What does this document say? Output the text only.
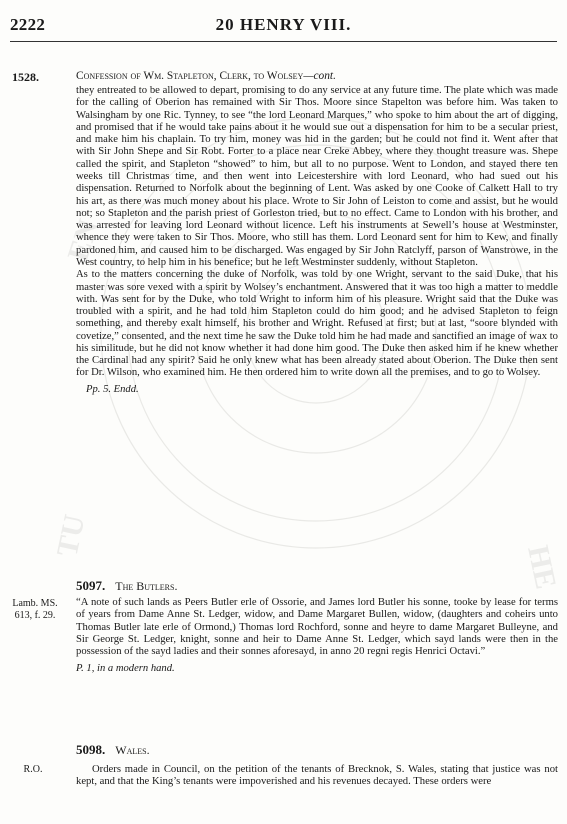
EN
TU
HE
2222	20 HENRY VIII.
1528.	Confession of Wm. Stapleton, Clerk, to Wolsey—cont.

they entreated to be allowed to depart, promising to do any service at any future time. The plate which was made for the calling of Oberion has remained with Sir Thos. Moore since Stapelton was before him. Was taken to Walsingham by one Ric. Tynney, to see “the lord Leonard Marques,” who spoke to him about the art of digging, and promised that if he would take pains about it he would sue out a dispensation for him to be a secular priest, and make him his chaplain. To try him, money was hid in the garden; but he could not find it. Went after that with Sir John Shepe and Sir Robt. Forter to a place near Creke Abbey, where they thought treasure was. Shepe called the spirit, and Stapleton “showed” to him, but all to no purpose. Went to London, and stayed there ten weeks till Christmas time, and then went into Leicestershire with lord Leonard, who had sued out his dispensation. Returned to Norfolk about the beginning of Lent. Was asked by one Cooke of Calkett Hall to try his art, as there was much money about his place. Wrote to Sir John of Leiston to come and assist, but he would not; so Stapleton and the parish priest of Gorleston tried, but to no effect. Came to London with his brother, and was arrested for leaving lord Leonard without licence. Left his instruments at Sewell’s house at Westminster, whence they were taken to Sir Thos. Moore, who still has them. Lord Leonard sent for him to Kew, and finally pardoned him, and caused him to be discharged. Was engaged by Sir John Ratclyff, parson of Wanstrowe, in the West country, to help him in his benefice; but he left Westminster suddenly, without Stapleton.

As to the matters concerning the duke of Norfolk, was told by one Wright, servant to the said Duke, that his master was sore vexed with a spirit by Wolsey’s enchantment. Answered that it was too high a matter to meddle with. Was sent for by the Duke, who told Wright to inform him of his pleasure. Wright said that the Duke was troubled with a spirit, and he had told him Stapleton could do him good; and he advised Stapleton to feign something, and thereby exalt himself, his brother and Wright. Refused at first; but at last, “soore blynded with covetize,” consented, and the next time he saw the Duke told him he had made and sanctified an image of wax to his similitude, but he did not know whether it had done him good. The Duke then asked him if he knew whether the Cardinal had any spirit? Said he only knew what has been already stated about Oberion. The Duke then sent for Dr. Wilson, who examined him. He then ordered him to write down all the premises, and to go to Wolsey.

Pp. 5. Endd.

Lamb. MS.
613, f. 29.
5097. The Butlers.

“A note of such lands as Peers Butler erle of Ossorie, and James lord Butler his sonne, tooke by lease for terms of years from Dame Anne St. Ledger, widow, and Dame Margaret Bullen, widow, (daughters and coheirs unto Thomas Butler late erle of Ormond,) Thomas lord Rochford, sonne and heyre to dame Margaret Bulleyne, and Sir George St. Ledger, knight, sonne and heir to Dame Anne St. Ledger, which sayd lands were then in the possession of the sayd ladies and their sonnes aforesayd, in anno 20 regni regis Henrici Octavi.”

P. 1, in a modern hand.

R.O.
5098. Wales.

Orders made in Council, on the petition of the tenants of Brecknok, S. Wales, stating that justice was not kept, and that the King’s tenants were impoverished and his revenues decayed. These orders were
